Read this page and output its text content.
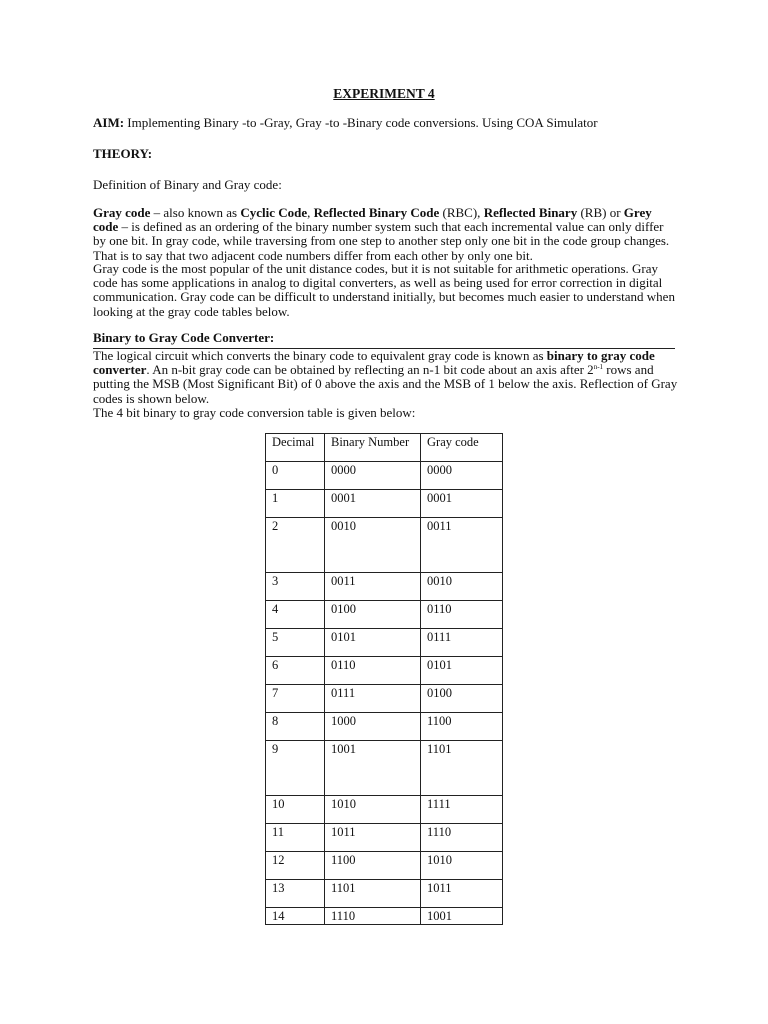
EXPERIMENT 4
AIM: Implementing Binary -to -Gray, Gray -to -Binary code conversions. Using COA Simulator
THEORY:
Definition of Binary and Gray code:
Gray code – also known as Cyclic Code, Reflected Binary Code (RBC), Reflected Binary (RB) or Grey code – is defined as an ordering of the binary number system such that each incremental value can only differ by one bit. In gray code, while traversing from one step to another step only one bit in the code group changes. That is to say that two adjacent code numbers differ from each other by only one bit.
Gray code is the most popular of the unit distance codes, but it is not suitable for arithmetic operations. Gray code has some applications in analog to digital converters, as well as being used for error correction in digital communication. Gray code can be difficult to understand initially, but becomes much easier to understand when looking at the gray code tables below.
Binary to Gray Code Converter:
The logical circuit which converts the binary code to equivalent gray code is known as binary to gray code converter. An n-bit gray code can be obtained by reflecting an n-1 bit code about an axis after 2$^{n-1}$ rows and putting the MSB (Most Significant Bit) of 0 above the axis and the MSB of 1 below the axis. Reflection of Gray codes is shown below.
The 4 bit binary to gray code conversion table is given below:
Decimal	Binary Number	Gray code
0	0000	0000
1	0001	0001
2	0010	0011
3	0011	0010
4	0100	0110
5	0101	0111
6	0110	0101
7	0111	0100
8	1000	1100
9	1001	1101
10	1010	1111
11	1011	1110
12	1100	1010
13	1101	1011
14	1110	1001
